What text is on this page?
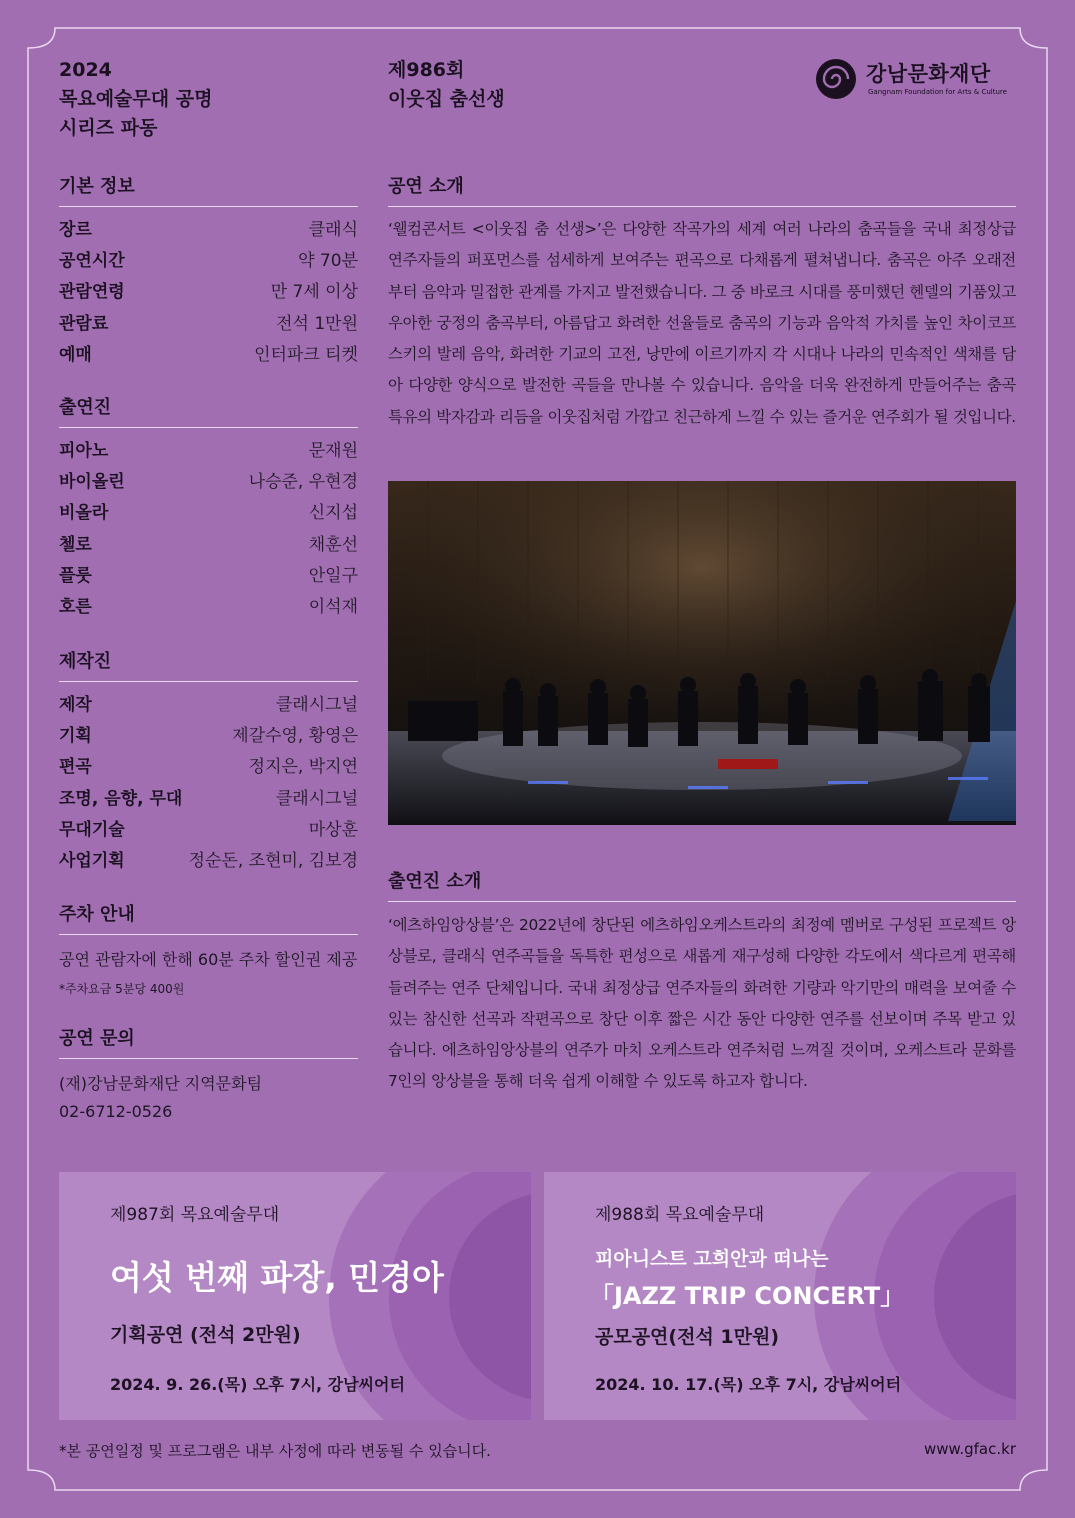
2024
목요예술무대 공명
시리즈 파동
제986회
이웃집 춤선생
강남문화재단
Gangnam Foundation for Arts & Culture
기본 정보
장르	클래식
공연시간	약 70분
관람연령	만 7세 이상
관람료	전석 1만원
예매	인터파크 티켓
출연진
피아노	문재원
바이올린	나승준, 우현경
비올라	신지섭
첼로	채훈선
플룻	안일구
호른	이석재
제작진
제작	클래시그널
기획	제갈수영, 황영은
편곡	정지은, 박지연
조명, 음향, 무대	클래시그널
무대기술	마상훈
사업기획	정순돈, 조현미, 김보경
주차 안내
공연 관람자에 한해 60분 주차 할인권 제공
*주차요금 5분당 400원
공연 문의
(재)강남문화재단 지역문화팀
02-6712-0526
공연 소개
‘웰컴콘서트 <이웃집 춤 선생>’은 다양한 작곡가의 세계 여러 나라의 춤곡들을 국내 최정상급 연주자들의 퍼포먼스를 섬세하게 보여주는 편곡으로 다채롭게 펼쳐냅니다. 춤곡은 아주 오래전부터 음악과 밀접한 관계를 가지고 발전했습니다. 그 중 바로크 시대를 풍미했던 헨델의 기품있고 우아한 궁정의 춤곡부터, 아름답고 화려한 선율들로 춤곡의 기능과 음악적 가치를 높인 차이코프스키의 발레 음악, 화려한 기교의 고전, 낭만에 이르기까지 각 시대나 나라의 민속적인 색채를 담아 다양한 양식으로 발전한 곡들을 만나볼 수 있습니다. 음악을 더욱 완전하게 만들어주는 춤곡 특유의 박자감과 리듬을 이웃집처럼 가깝고 친근하게 느낄 수 있는 즐거운 연주회가 될 것입니다.
출연진 소개
‘에츠하임앙상블’은 2022년에 창단된 에츠하임오케스트라의 최정예 멤버로 구성된 프로젝트 앙상블로, 클래식 연주곡들을 독특한 편성으로 새롭게 재구성해 다양한 각도에서 색다르게 편곡해 들려주는 연주 단체입니다. 국내 최정상급 연주자들의 화려한 기량과 악기만의 매력을 보여줄 수 있는 참신한 선곡과 작편곡으로 창단 이후 짧은 시간 동안 다양한 연주를 선보이며 주목 받고 있습니다. 에츠하임앙상블의 연주가 마치 오케스트라 연주처럼 느껴질 것이며, 오케스트라 문화를 7인의 앙상블을 통해 더욱 쉽게 이해할 수 있도록 하고자 합니다.
제987회 목요예술무대
여섯 번째 파장, 민경아
기획공연 (전석 2만원)
2024. 9. 26.(목) 오후 7시, 강남씨어터
제988회 목요예술무대
피아니스트 고희안과 떠나는
「JAZZ TRIP CONCERT」
공모공연(전석 1만원)
2024. 10. 17.(목) 오후 7시, 강남씨어터
*본 공연일정 및 프로그램은 내부 사정에 따라 변동될 수 있습니다.	www.gfac.kr
